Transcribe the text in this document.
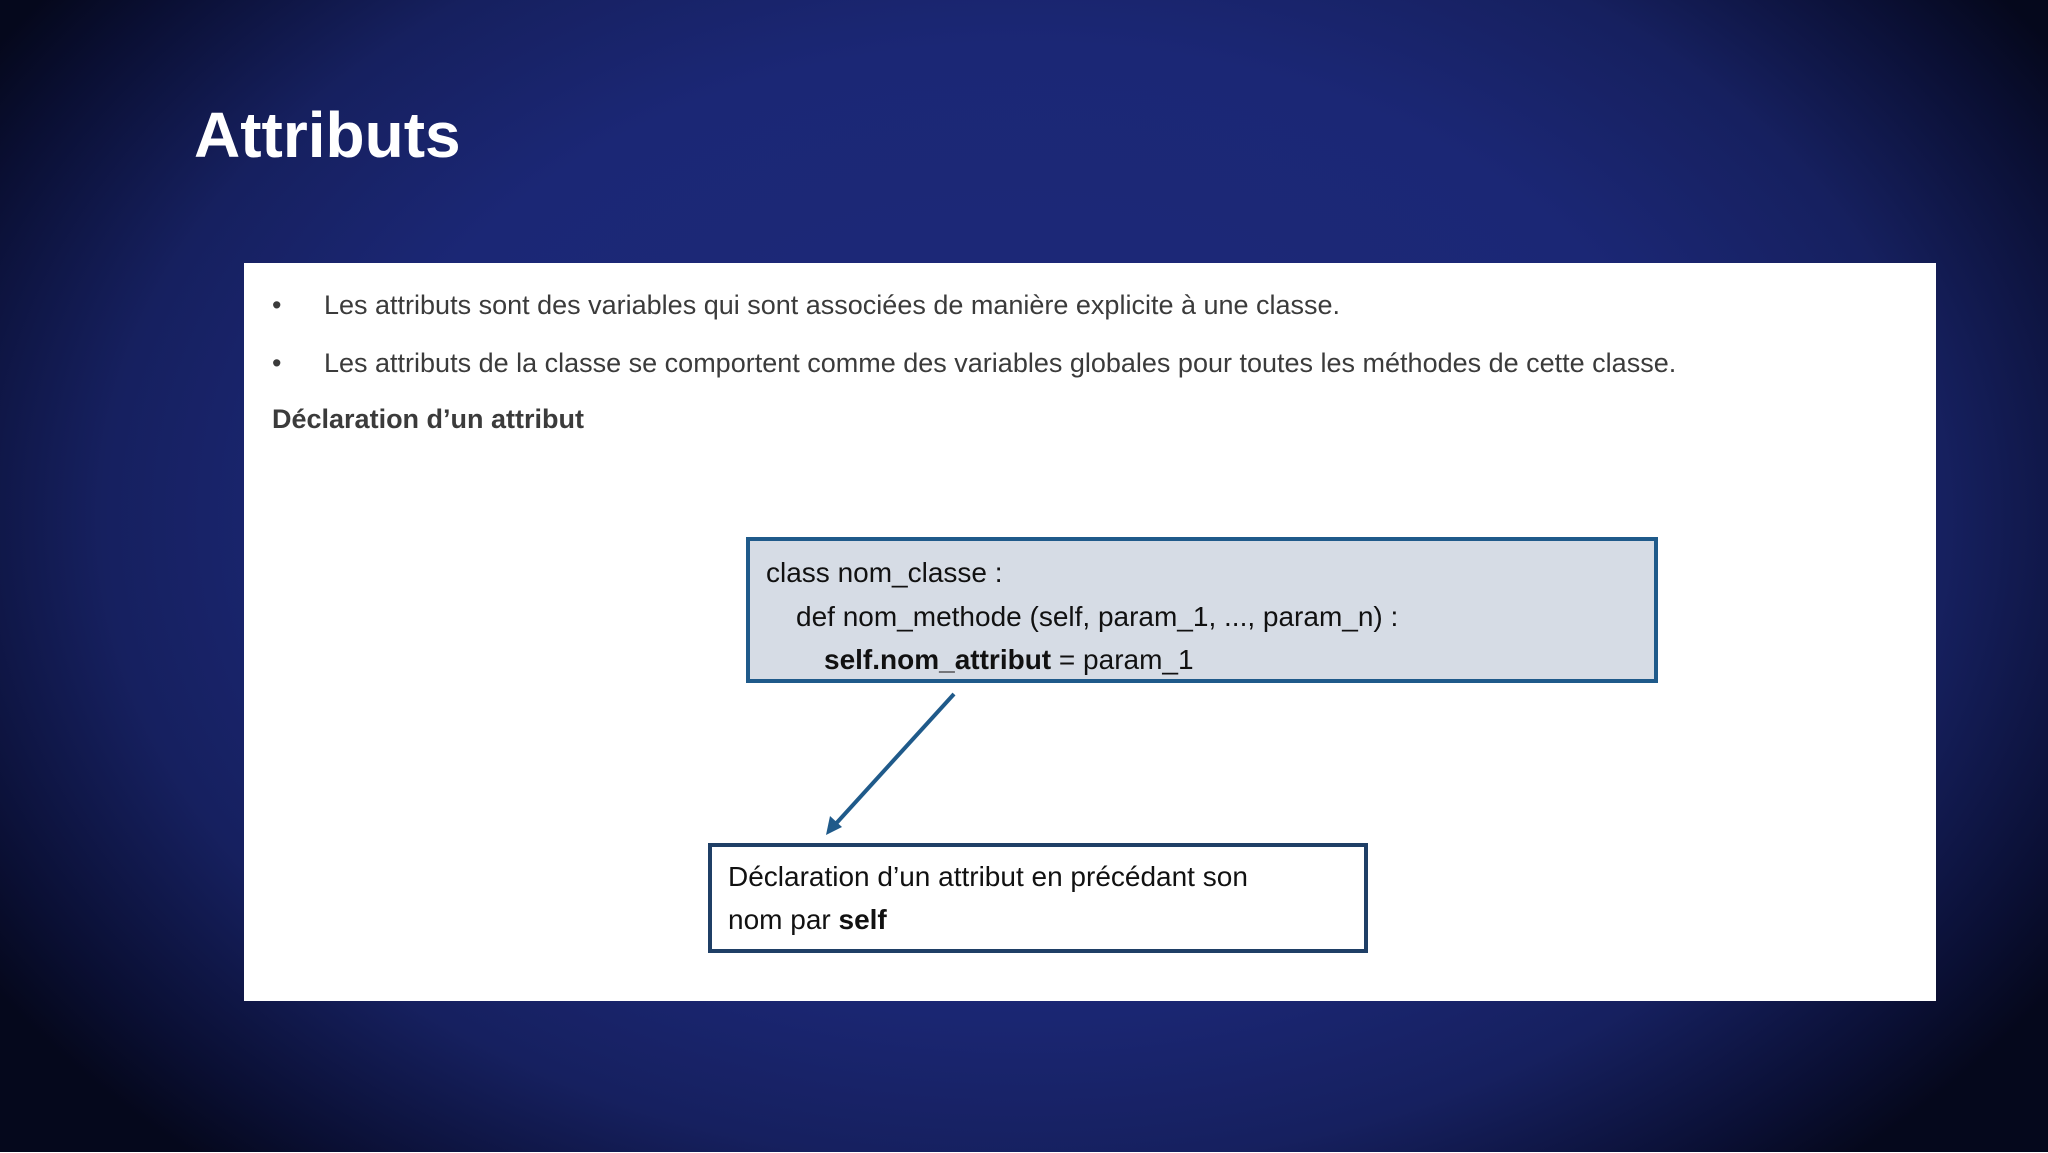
Attributs
• Les attributs sont des variables qui sont associées de manière explicite à une classe.
• Les attributs de la classe se comportent comme des variables globales pour toutes les méthodes de cette classe.
Déclaration d’un attribut
class nom_classe :
def nom_methode (self, param_1, ..., param_n) :
self.nom_attribut = param_1
Déclaration d’un attribut en précédant son
nom par self
